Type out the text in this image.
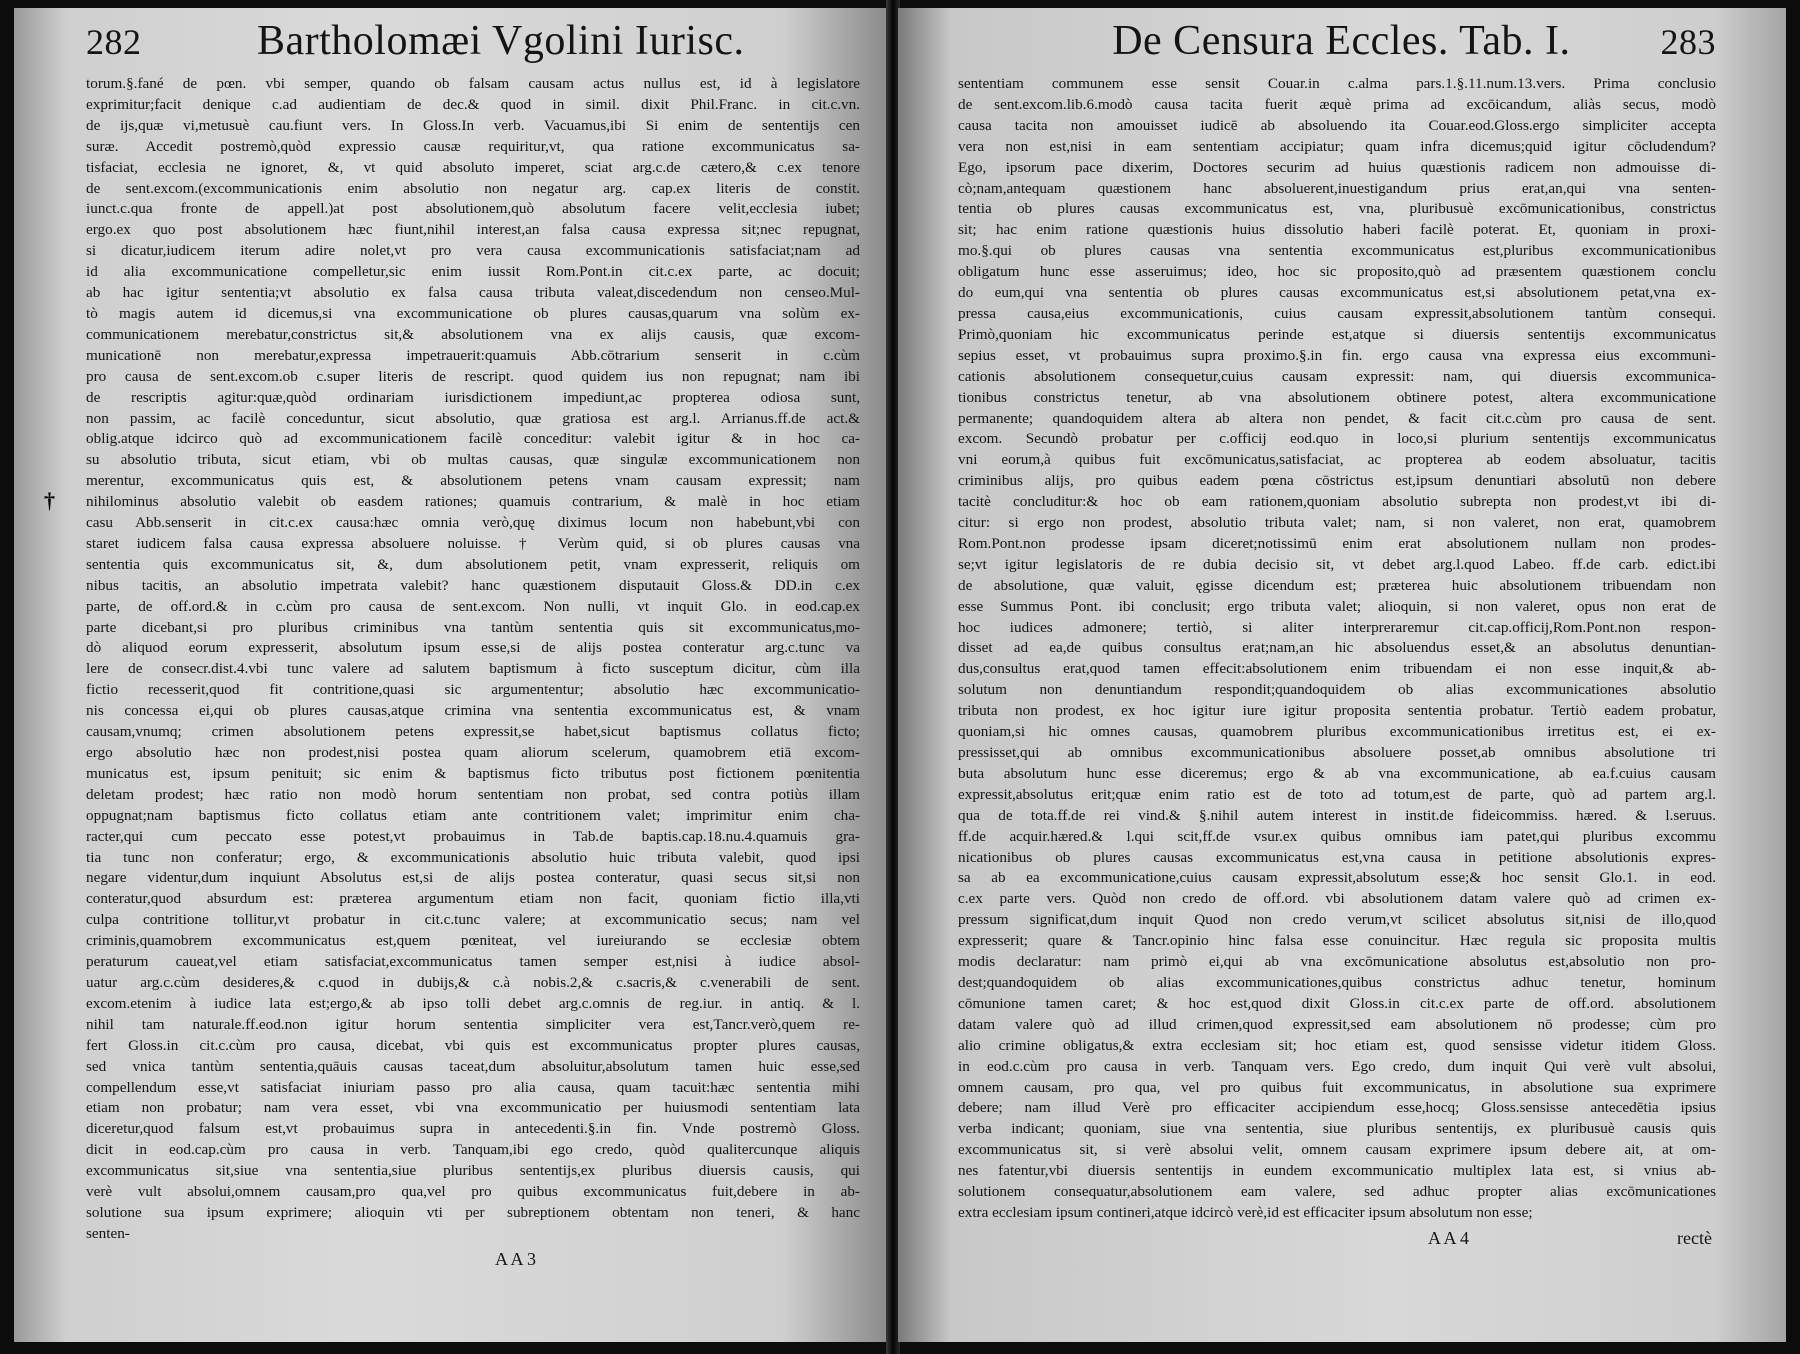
282	Bartholomæi Vgolini Iurisc.
torum.§.fané de pœn. vbi semper, quando ob falsam causam actus nullus est, id à legislatore
exprimitur;facit denique c.ad audientiam de dec.& quod in simil. dixit Phil.Franc. in cit.c.vn.
de ijs,quæ vi,metusuè cau.fiunt vers. In Gloss.In verb. Vacuamus,ibi Si enim de sententijs cen
suræ. Accedit postremò,quòd expressio causæ requiritur,vt, qua ratione excommunicatus sa-
tisfaciat, ecclesia ne ignoret, &, vt quid absoluto imperet, sciat arg.c.de cætero,& c.ex tenore
de sent.excom.(excommunicationis enim absolutio non negatur arg. cap.ex literis de constit.
iunct.c.qua fronte de appell.)at post absolutionem,quò absolutum facere velit,ecclesia iubet;
ergo.ex quo post absolutionem hæc fiunt,nihil interest,an falsa causa expressa sit;nec repugnat,
si dicatur,iudicem iterum adire nolet,vt pro vera causa excommunicationis satisfaciat;nam ad
id alia excommunicatione compelletur,sic enim iussit Rom.Pont.in cit.c.ex parte, ac docuit;
ab hac igitur sententia;vt absolutio ex falsa causa tributa valeat,discedendum non censeo.Mul-
tò magis autem id dicemus,si vna excommunicatione ob plures causas,quarum vna solùm ex-
communicationem merebatur,constrictus sit,& absolutionem vna ex alijs causis, quæ excom-
municationē non merebatur,expressa impetrauerit:quamuis Abb.cōtrarium senserit in c.cùm
pro causa de sent.excom.ob c.super literis de rescript. quod quidem ius non repugnat; nam ibi
de rescriptis agitur:quæ,quòd ordinariam iurisdictionem impediunt,ac propterea odiosa sunt,
non passim, ac facilè conceduntur, sicut absolutio, quæ gratiosa est arg.l. Arrianus.ff.de act.&
oblig.atque idcirco quò ad excommunicationem facilè conceditur: valebit igitur & in hoc ca-
su absolutio tributa, sicut etiam, vbi ob multas causas, quæ singulæ excommunicationem non
merentur, excommunicatus quis est, & absolutionem petens vnam causam expressit; nam
nihilominus absolutio valebit ob easdem rationes; quamuis contrarium, & malè in hoc etiam
casu Abb.senserit in cit.c.ex causa:hæc omnia verò,quę diximus locum non habebunt,vbi con
staret iudicem falsa causa expressa absoluere noluisse. † Verùm quid, si ob plures causas vna
sententia quis excommunicatus sit, &, dum absolutionem petit, vnam expresserit, reliquis om
nibus tacitis, an absolutio impetrata valebit? hanc quæstionem disputauit Gloss.& DD.in c.ex
parte, de off.ord.& in c.cùm pro causa de sent.excom. Non nulli, vt inquit Glo. in eod.cap.ex
parte dicebant,si pro pluribus criminibus vna tantùm sententia quis sit excommunicatus,mo-
dò aliquod eorum expresserit, absolutum ipsum esse,si de alijs postea conteratur arg.c.tunc va
lere de consecr.dist.4.vbi tunc valere ad salutem baptismum à ficto susceptum dicitur, cùm illa
fictio recesserit,quod fit contritione,quasi sic argumententur; absolutio hæc excommunicatio-
nis concessa ei,qui ob plures causas,atque crimina vna sententia excommunicatus est, & vnam
causam,vnumq; crimen absolutionem petens expressit,se habet,sicut baptismus collatus ficto;
ergo absolutio hæc non prodest,nisi postea quam aliorum scelerum, quamobrem etiā excom-
municatus est, ipsum penituit; sic enim & baptismus ficto tributus post fictionem pœnitentia
deletam prodest; hæc ratio non modò horum sententiam non probat, sed contra potiùs illam
oppugnat;nam baptismus ficto collatus etiam ante contritionem valet; imprimitur enim cha-
racter,qui cum peccato esse potest,vt probauimus in Tab.de baptis.cap.18.nu.4.quamuis gra-
tia tunc non conferatur; ergo, & excommunicationis absolutio huic tributa valebit, quod ipsi
negare videntur,dum inquiunt Absolutus est,si de alijs postea conteratur, quasi secus sit,si non
conteratur,quod absurdum est: præterea argumentum etiam non facit, quoniam fictio illa,vti
culpa contritione tollitur,vt probatur in cit.c.tunc valere; at excommunicatio secus; nam vel
criminis,quamobrem excommunicatus est,quem pœniteat, vel iureiurando se ecclesiæ obtem
peraturum caueat,vel etiam satisfaciat,excommunicatus tamen semper est,nisi à iudice absol-
uatur arg.c.cùm desideres,& c.quod in dubijs,& c.à nobis.2,& c.sacris,& c.venerabili de sent.
excom.etenim à iudice lata est;ergo,& ab ipso tolli debet arg.c.omnis de reg.iur. in antiq. & l.
nihil tam naturale.ff.eod.non igitur horum sententia simpliciter vera est,Tancr.verò,quem re-
fert Gloss.in cit.c.cùm pro causa, dicebat, vbi quis est excommunicatus propter plures causas,
sed vnica tantùm sententia,quāuis causas taceat,dum absoluitur,absolutum tamen huic esse,sed
compellendum esse,vt satisfaciat iniuriam passo pro alia causa, quam tacuit:hæc sententia mihi
etiam non probatur; nam vera esset, vbi vna excommunicatio per huiusmodi sententiam lata
diceretur,quod falsum est,vt probauimus supra in antecedenti.§.in fin. Vnde postremò Gloss.
dicit in eod.cap.cùm pro causa in verb. Tanquam,ibi ego credo, quòd qualitercunque aliquis
excommunicatus sit,siue vna sententia,siue pluribus sententijs,ex pluribus diuersis causis, qui
verè vult absolui,omnem causam,pro qua,vel pro quibus excommunicatus fuit,debere in ab-
solutione sua ipsum exprimere; alioquin vti per subreptionem obtentam non teneri, & hanc
senten-
A A 3
†
De Censura Eccles. Tab. I.	283
sententiam communem esse sensit Couar.in c.alma pars.1.§.11.num.13.vers. Prima conclusio
de sent.excom.lib.6.modò causa tacita fuerit æquè prima ad excōicandum, aliàs secus, modò
causa tacita non amouisset iudicē ab absoluendo ita Couar.eod.Gloss.ergo simpliciter accepta
vera non est,nisi in eam sententiam accipiatur; quam infra dicemus;quid igitur cōcludendum?
Ego, ipsorum pace dixerim, Doctores securim ad huius quæstionis radicem non admouisse di-
cò;nam,antequam quæstionem hanc absoluerent,inuestigandum prius erat,an,qui vna senten-
tentia ob plures causas excommunicatus est, vna, pluribusuè excōmunicationibus, constrictus
sit; hac enim ratione quæstionis huius dissolutio haberi facilè poterat. Et, quoniam in proxi-
mo.§.qui ob plures causas vna sententia excommunicatus est,pluribus excommunicationibus
obligatum hunc esse asseruimus; ideo, hoc sic proposito,quò ad præsentem quæstionem conclu
do eum,qui vna sententia ob plures causas excommunicatus est,si absolutionem petat,vna ex-
pressa causa,eius excommunicationis, cuius causam expressit,absolutionem tantùm consequi.
Primò,quoniam hic excommunicatus perinde est,atque si diuersis sententijs excommunicatus
sepius esset, vt probauimus supra proximo.§.in fin. ergo causa vna expressa eius excommuni-
cationis absolutionem consequetur,cuius causam expressit: nam, qui diuersis excommunica-
tionibus constrictus tenetur, ab vna absolutionem obtinere potest, altera excommunicatione
permanente; quandoquidem altera ab altera non pendet, & facit cit.c.cùm pro causa de sent.
excom. Secundò probatur per c.officij eod.quo in loco,si plurium sententijs excommunicatus
vni eorum,à quibus fuit excōmunicatus,satisfaciat, ac propterea ab eodem absoluatur, tacitis
criminibus alijs, pro quibus eadem pœna cōstrictus est,ipsum denuntiari absolutū non debere
tacitè concluditur:& hoc ob eam rationem,quoniam absolutio subrepta non prodest,vt ibi di-
citur: si ergo non prodest, absolutio tributa valet; nam, si non valeret, non erat, quamobrem
Rom.Pont.non prodesse ipsam diceret;notissimū enim erat absolutionem nullam non prodes-
se;vt igitur legislatoris de re dubia decisio sit, vt debet arg.l.quod Labeo. ff.de carb. edict.ibi
de absolutione, quæ valuit, ęgisse dicendum est; præterea huic absolutionem tribuendam non
esse Summus Pont. ibi conclusit; ergo tributa valet; alioquin, si non valeret, opus non erat de
hoc iudices admonere; tertiò, si aliter interpreraremur cit.cap.officij,Rom.Pont.non respon-
disset ad ea,de quibus consultus erat;nam,an hic absoluendus esset,& an absolutus denuntian-
dus,consultus erat,quod tamen effecit:absolutionem enim tribuendam ei non esse inquit,& ab-
solutum non denuntiandum respondit;quandoquidem ob alias excommunicationes absolutio
tributa non prodest, ex hoc igitur iure igitur proposita sententia probatur. Tertiò eadem probatur,
quoniam,si hic omnes causas, quamobrem pluribus excommunicationibus irretitus est, ei ex-
pressisset,qui ab omnibus excommunicationibus absoluere posset,ab omnibus absolutione tri
buta absolutum hunc esse diceremus; ergo & ab vna excommunicatione, ab ea.f.cuius causam
expressit,absolutus erit;quæ enim ratio est de toto ad totum,est de parte, quò ad partem arg.l.
qua de tota.ff.de rei vind.& §.nihil autem interest in instit.de fideicommiss. hæred. & l.seruus.
ff.de acquir.hæred.& l.qui scit,ff.de vsur.ex quibus omnibus iam patet,qui pluribus excommu
nicationibus ob plures causas excommunicatus est,vna causa in petitione absolutionis expres-
sa ab ea excommunicatione,cuius causam expressit,absolutum esse;& hoc sensit Glo.1. in eod.
c.ex parte vers. Quòd non credo de off.ord. vbi absolutionem datam valere quò ad crimen ex-
pressum significat,dum inquit Quod non credo verum,vt scilicet absolutus sit,nisi de illo,quod
expresserit; quare & Tancr.opinio hinc falsa esse conuincitur. Hæc regula sic proposita multis
modis declaratur: nam primò ei,qui ab vna excōmunicatione absolutus est,absolutio non pro-
dest;quandoquidem ob alias excommunicationes,quibus constrictus adhuc tenetur, hominum
cōmunione tamen caret; & hoc est,quod dixit Gloss.in cit.c.ex parte de off.ord. absolutionem
datam valere quò ad illud crimen,quod expressit,sed eam absolutionem nō prodesse; cùm pro
alio crimine obligatus,& extra ecclesiam sit; hoc etiam est, quod sensisse videtur itidem Gloss.
in eod.c.cùm pro causa in verb. Tanquam vers. Ego credo, dum inquit Qui verè vult absolui,
omnem causam, pro qua, vel pro quibus fuit excommunicatus, in absolutione sua exprimere
debere; nam illud Verè pro efficaciter accipiendum esse,hocq; Gloss.sensisse antecedētia ipsius
verba indicant; quoniam, siue vna sententia, siue pluribus sententijs, ex pluribusuè causis quis
excommunicatus sit, si verè absolui velit, omnem causam exprimere ipsum debere ait, at om-
nes fatentur,vbi diuersis sententijs in eundem excommunicatio multiplex lata est, si vnius ab-
solutionem consequatur,absolutionem eam valere, sed adhuc propter alias excōmunicationes
extra ecclesiam ipsum contineri,atque idcircò verè,id est efficaciter ipsum absolutum non esse;
A A 4	rectè
